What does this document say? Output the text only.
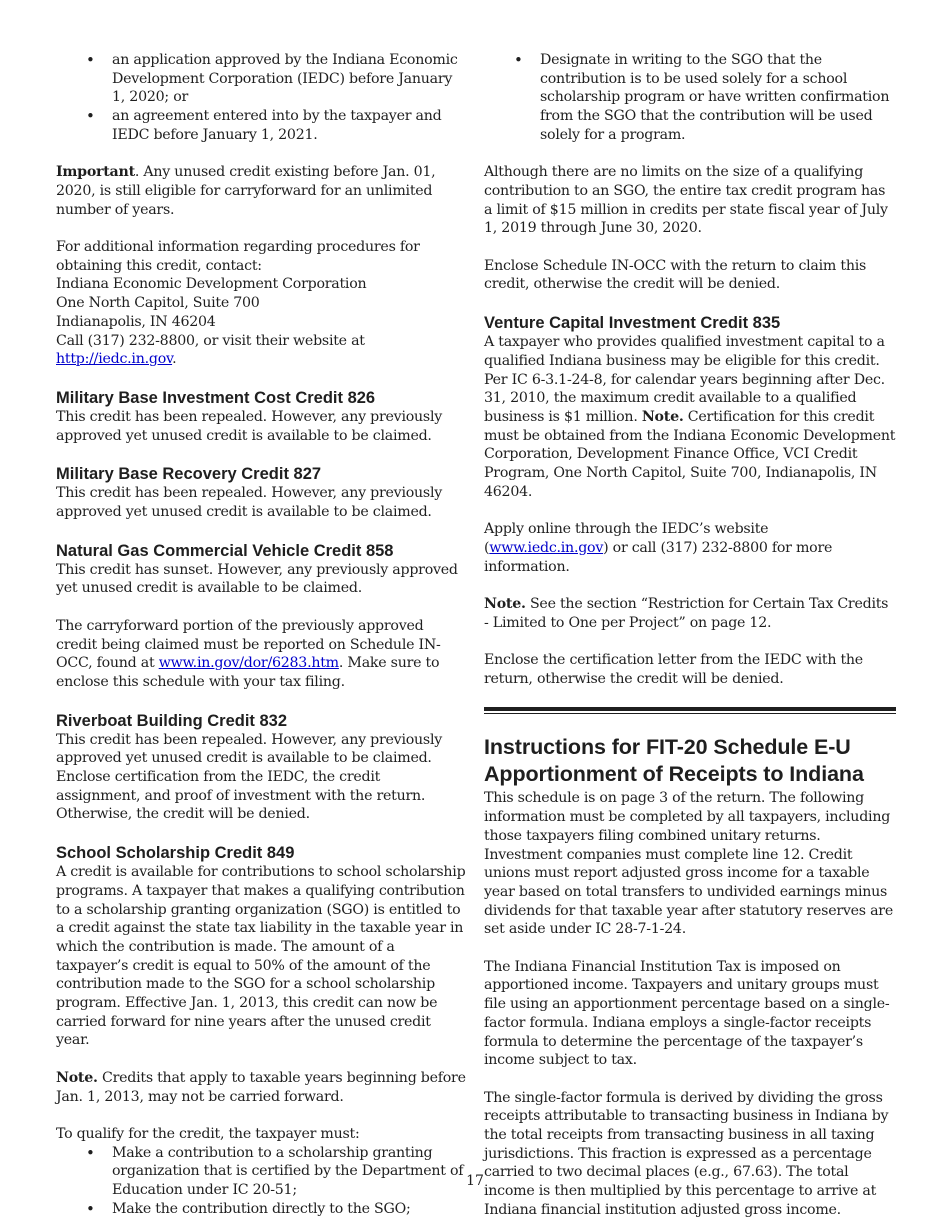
• an application approved by the Indiana Economic Development Corporation (IEDC) before January 1, 2020; or
• an agreement entered into by the taxpayer and IEDC before January 1, 2021.

Important. Any unused credit existing before Jan. 01, 2020, is still eligible for carryforward for an unlimited number of years.

For additional information regarding procedures for obtaining this credit, contact:

Indiana Economic Development Corporation

One North Capitol, Suite 700

Indianapolis, IN 46204

Call (317) 232-8800, or visit their website at http://iedc.in.gov.

Military Base Investment Cost Credit 826

This credit has been repealed. However, any previously approved yet unused credit is available to be claimed.

Military Base Recovery Credit 827

This credit has been repealed. However, any previously approved yet unused credit is available to be claimed.

Natural Gas Commercial Vehicle Credit 858

This credit has sunset. However, any previously approved yet unused credit is available to be claimed.

The carryforward portion of the previously approved credit being claimed must be reported on Schedule IN-OCC, found at www.in.gov/dor/6283.htm. Make sure to enclose this schedule with your tax filing.

Riverboat Building Credit 832

This credit has been repealed. However, any previously approved yet unused credit is available to be claimed. Enclose certification from the IEDC, the credit assignment, and proof of investment with the return. Otherwise, the credit will be denied.

School Scholarship Credit 849

A credit is available for contributions to school scholarship programs. A taxpayer that makes a qualifying contribution to a scholarship granting organization (SGO) is entitled to a credit against the state tax liability in the taxable year in which the contribution is made. The amount of a taxpayer’s credit is equal to 50% of the amount of the contribution made to the SGO for a school scholarship program. Effective Jan. 1, 2013, this credit can now be carried forward for nine years after the unused credit year.

Note. Credits that apply to taxable years beginning before Jan. 1, 2013, may not be carried forward.

To qualify for the credit, the taxpayer must:

• Make a contribution to a scholarship granting organization that is certified by the Department of Education under IC 20-51;
• Make the contribution directly to the SGO;
• Designate in writing to the SGO that the contribution is to be used solely for a school scholarship program or have written confirmation from the SGO that the contribution will be used solely for a program.

Although there are no limits on the size of a qualifying contribution to an SGO, the entire tax credit program has a limit of $15 million in credits per state fiscal year of July 1, 2019 through June 30, 2020.

Enclose Schedule IN-OCC with the return to claim this credit, otherwise the credit will be denied.

Venture Capital Investment Credit 835

A taxpayer who provides qualified investment capital to a qualified Indiana business may be eligible for this credit. Per IC 6-3.1-24-8, for calendar years beginning after Dec. 31, 2010, the maximum credit available to a qualified business is $1 million. Note. Certification for this credit must be obtained from the Indiana Economic Development Corporation, Development Finance Office, VCI Credit Program, One North Capitol, Suite 700, Indianapolis, IN 46204.

Apply online through the IEDC’s website (www.iedc.in.gov) or call (317) 232-8800 for more information.

Note. See the section “Restriction for Certain Tax Credits - Limited to One per Project” on page 12.

Enclose the certification letter from the IEDC with the return, otherwise the credit will be denied.

Instructions for FIT-20 Schedule E-U Apportionment of Receipts to Indiana

This schedule is on page 3 of the return. The following information must be completed by all taxpayers, including those taxpayers filing combined unitary returns. Investment companies must complete line 12. Credit unions must report adjusted gross income for a taxable year based on total transfers to undivided earnings minus dividends for that taxable year after statutory reserves are set aside under IC 28-7-1-24.

The Indiana Financial Institution Tax is imposed on apportioned income. Taxpayers and unitary groups must file using an apportionment percentage based on a single-factor formula. Indiana employs a single-factor receipts formula to determine the percentage of the taxpayer’s income subject to tax.

The single-factor formula is derived by dividing the gross receipts attributable to transacting business in Indiana by the total receipts from transacting business in all taxing jurisdictions. This fraction is expressed as a percentage carried to two decimal places (e.g., 67.63). The total income is then multiplied by this percentage to arrive at Indiana financial institution adjusted gross income.

17
